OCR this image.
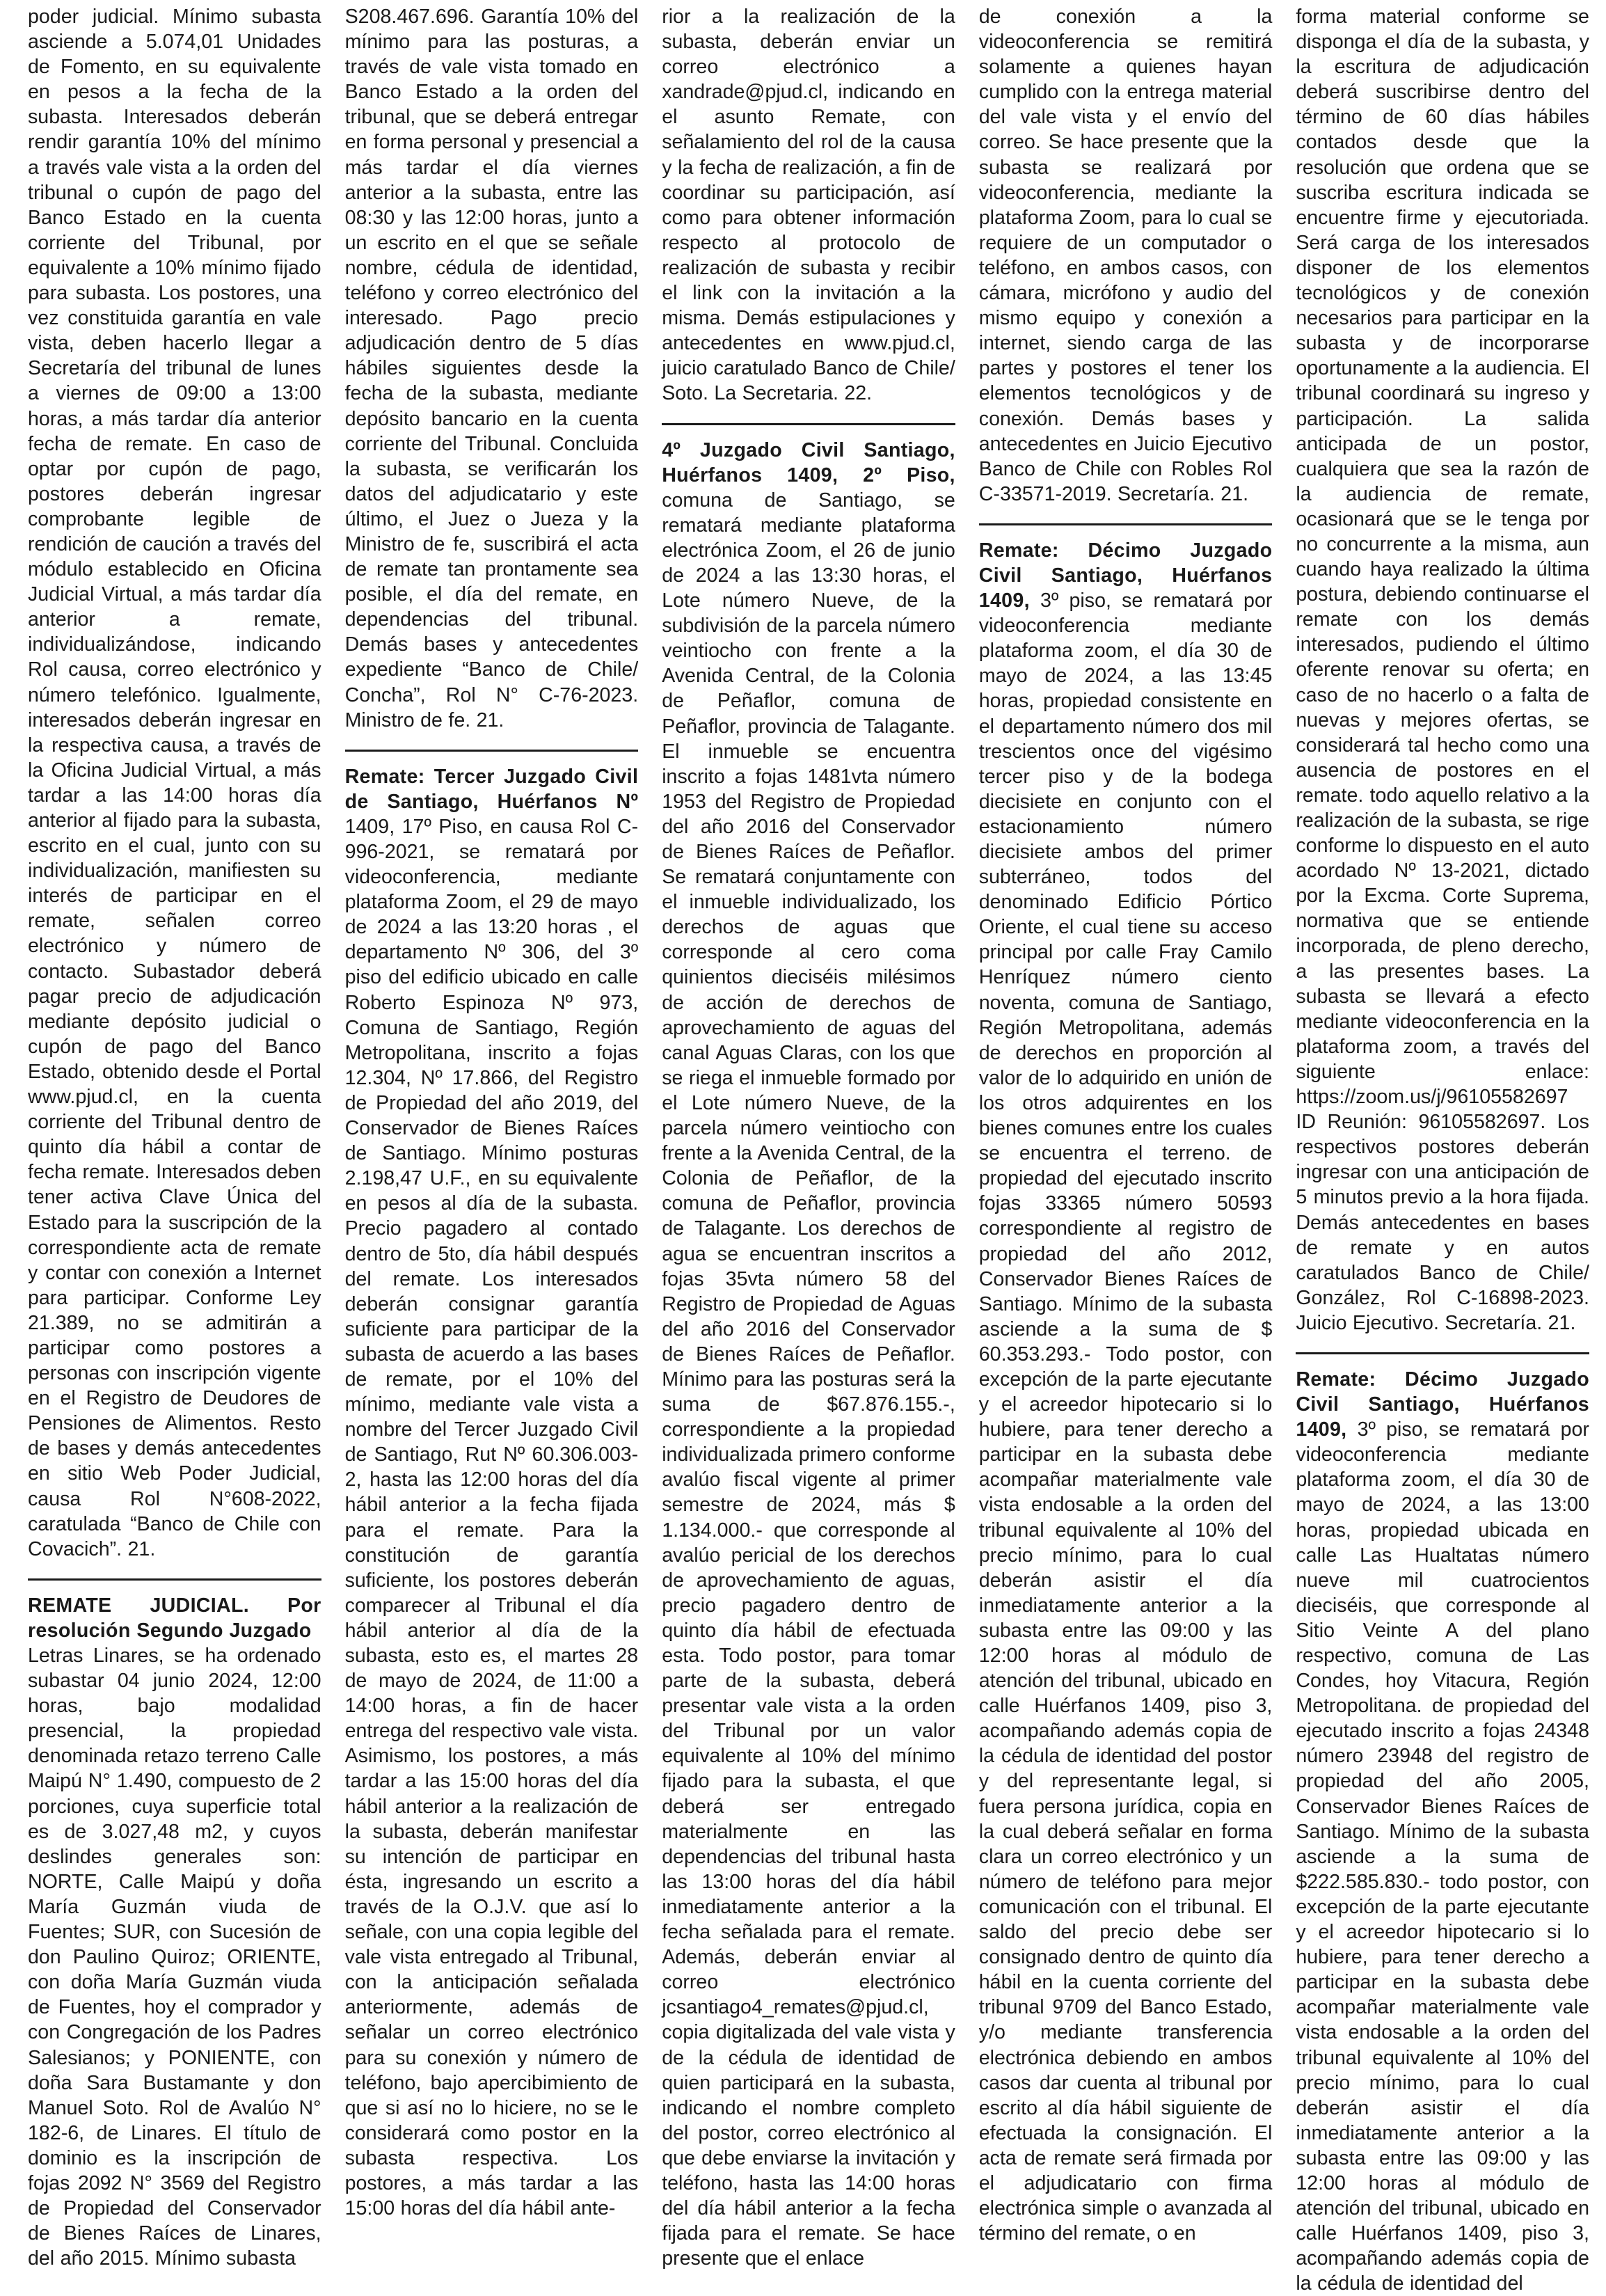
poder judicial. Mínimo subasta asciende a 5.074,01 Unidades de Fomento, en su equivalente en pesos a la fecha de la subasta. Interesados deberán rendir garantía 10% del mínimo a través vale vista a la orden del tribunal o cupón de pago del Banco Estado en la cuenta corriente del Tribunal, por equivalente a 10% mínimo fijado para subasta. Los postores, una vez constituida garantía en vale vista, deben hacerlo llegar a Secretaría del tribunal de lunes a viernes de 09:00 a 13:00 horas, a más tardar día anterior fecha de remate. En caso de optar por cupón de pago, postores deberán ingresar comprobante legible de rendición de caución a través del módulo establecido en Oficina Judicial Virtual, a más tardar día anterior a remate, individualizándose, indicando Rol causa, correo electrónico y número telefónico. Igualmente, interesados deberán ingresar en la respectiva causa, a través de la Oficina Judicial Virtual, a más tardar a las 14:00 horas día anterior al fijado para la subasta, escrito en el cual, junto con su individualización, manifiesten su interés de participar en el remate, señalen correo electrónico y número de contacto. Subastador deberá pagar precio de adjudicación mediante depósito judicial o cupón de pago del Banco Estado, obtenido desde el Portal www.pjud.cl, en la cuenta corriente del Tribunal dentro de quinto día hábil a contar de fecha remate. Interesados deben tener activa Clave Única del Estado para la suscripción de la correspondiente acta de remate y contar con conexión a Internet para participar. Conforme Ley 21.389, no se admitirán a participar como postores a personas con inscripción vigente en el Registro de Deudores de Pensiones de Alimentos. Resto de bases y demás antecedentes en sitio Web Poder Judicial, causa Rol N°608-2022, caratulada “Banco de Chile con Covacich”. 21.

REMATE JUDICIAL. Por resolución Segundo Juzgado
Letras Linares, se ha ordenado subastar 04 junio 2024, 12:00 horas, bajo modalidad presencial, la propiedad denominada retazo terreno Calle Maipú N° 1.490, compuesto de 2 porciones, cuya superficie total es de 3.027,48 m2, y cuyos deslindes generales son: NORTE, Calle Maipú y doña María Guzmán viuda de Fuentes; SUR, con Sucesión de don Paulino Quiroz; ORIENTE, con doña María Guzmán viuda de Fuentes, hoy el comprador y con Congregación de los Padres Salesianos; y PONIENTE, con doña Sara Bustamante y don Manuel Soto. Rol de Avalúo N° 182-6, de Linares. El título de dominio es la inscripción de fojas 2092 N° 3569 del Registro de Propiedad del Conservador de Bienes Raíces de Linares, del año 2015. Mínimo subasta

S208.467.696. Garantía 10% del mínimo para las posturas, a través de vale vista tomado en Banco Estado a la orden del tribunal, que se deberá entregar en forma personal y presencial a más tardar el día viernes anterior a la subasta, entre las 08:30 y las 12:00 horas, junto a un escrito en el que se señale nombre, cédula de identidad, teléfono y correo electrónico del interesado. Pago precio adjudicación dentro de 5 días hábiles siguientes desde la fecha de la subasta, mediante depósito bancario en la cuenta corriente del Tribunal. Concluida la subasta, se verificarán los datos del adjudicatario y este último, el Juez o Jueza y la Ministro de fe, suscribirá el acta de remate tan prontamente sea posible, el día del remate, en dependencias del tribunal. Demás bases y antecedentes expediente “Banco de Chile/ Concha”, Rol N° C-76-2023. Ministro de fe. 21.

Remate: Tercer Juzgado Civil de Santiago, Huérfanos Nº 1409, 17º Piso, en causa Rol C-996-2021, se rematará por videoconferencia, mediante plataforma Zoom, el 29 de mayo de 2024 a las 13:20 horas , el departamento Nº 306, del 3º piso del edificio ubicado en calle Roberto Espinoza Nº 973, Comuna de Santiago, Región Metropolitana, inscrito a fojas 12.304, Nº 17.866, del Registro de Propiedad del año 2019, del Conservador de Bienes Raíces de Santiago. Mínimo posturas 2.198,47 U.F., en su equivalente en pesos al día de la subasta. Precio pagadero al contado dentro de 5to, día hábil después del remate. Los interesados deberán consignar garantía suficiente para participar de la subasta de acuerdo a las bases de remate, por el 10% del mínimo, mediante vale vista a nombre del Tercer Juzgado Civil de Santiago, Rut Nº 60.306.003-2, hasta las 12:00 horas del día hábil anterior a la fecha fijada para el remate. Para la constitución de garantía suficiente, los postores deberán comparecer al Tribunal el día hábil anterior al día de la subasta, esto es, el martes 28 de mayo de 2024, de 11:00 a 14:00 horas, a fin de hacer entrega del respectivo vale vista. Asimismo, los postores, a más tardar a las 15:00 horas del día hábil anterior a la realización de la subasta, deberán manifestar su intención de participar en ésta, ingresando un escrito a través de la O.J.V. que así lo señale, con una copia legible del vale vista entregado al Tribunal, con la anticipación señalada anteriormente, además de señalar un correo electrónico para su conexión y número de teléfono, bajo apercibimiento de que si así no lo hiciere, no se le considerará como postor en la subasta respectiva. Los postores, a más tardar a las 15:00 horas del día hábil ante-

rior a la realización de la subasta, deberán enviar un correo electrónico a xandrade@pjud.cl, indicando en el asunto Remate, con señalamiento del rol de la causa y la fecha de realización, a fin de coordinar su participación, así como para obtener información respecto al protocolo de realización de subasta y recibir el link con la invitación a la misma. Demás estipulaciones y antecedentes en www.pjud.cl, juicio caratulado Banco de Chile/ Soto. La Secretaria. 22.

4º Juzgado Civil Santiago, Huérfanos 1409, 2º Piso, comuna de Santiago, se rematará mediante plataforma electrónica Zoom, el 26 de junio de 2024 a las 13:30 horas, el Lote número Nueve, de la subdivisión de la parcela número veintiocho con frente a la Avenida Central, de la Colonia de Peñaflor, comuna de Peñaflor, provincia de Talagante. El inmueble se encuentra inscrito a fojas 1481vta número 1953 del Registro de Propiedad del año 2016 del Conservador de Bienes Raíces de Peñaflor. Se rematará conjuntamente con el inmueble individualizado, los derechos de aguas que corresponde al cero coma quinientos dieciséis milésimos de acción de derechos de aprovechamiento de aguas del canal Aguas Claras, con los que se riega el inmueble formado por el Lote número Nueve, de la parcela número veintiocho con frente a la Avenida Central, de la Colonia de Peñaflor, de la comuna de Peñaflor, provincia de Talagante. Los derechos de agua se encuentran inscritos a fojas 35vta número 58 del Registro de Propiedad de Aguas del año 2016 del Conservador de Bienes Raíces de Peñaflor. Mínimo para las posturas será la suma de $67.876.155.-, correspondiente a la propiedad individualizada primero conforme avalúo fiscal vigente al primer semestre de 2024, más $ 1.134.000.- que corresponde al avalúo pericial de los derechos de aprovechamiento de aguas, precio pagadero dentro de quinto día hábil de efectuada esta. Todo postor, para tomar parte de la subasta, deberá presentar vale vista a la orden del Tribunal por un valor equivalente al 10% del mínimo fijado para la subasta, el que deberá ser entregado materialmente en las dependencias del tribunal hasta las 13:00 horas del día hábil inmediatamente anterior a la fecha señalada para el remate. Además, deberán enviar al correo electrónico jcsantiago4_remates@pjud.cl, copia digitalizada del vale vista y de la cédula de identidad de quien participará en la subasta, indicando el nombre completo del postor, correo electrónico al que debe enviarse la invitación y teléfono, hasta las 14:00 horas del día hábil anterior a la fecha fijada para el remate. Se hace presente que el enlace

de conexión a la videoconferencia se remitirá solamente a quienes hayan cumplido con la entrega material del vale vista y el envío del correo. Se hace presente que la subasta se realizará por videoconferencia, mediante la plataforma Zoom, para lo cual se requiere de un computador o teléfono, en ambos casos, con cámara, micrófono y audio del mismo equipo y conexión a internet, siendo carga de las partes y postores el tener los elementos tecnológicos y de conexión. Demás bases y antecedentes en Juicio Ejecutivo Banco de Chile con Robles Rol C-33571-2019. Secretaría. 21.

Remate: Décimo Juzgado Civil Santiago, Huérfanos 1409, 3º piso, se rematará por videoconferencia mediante plataforma zoom, el día 30 de mayo de 2024, a las 13:45 horas, propiedad consistente en el departamento número dos mil trescientos once del vigésimo tercer piso y de la bodega diecisiete en conjunto con el estacionamiento número diecisiete ambos del primer subterráneo, todos del denominado Edificio Pórtico Oriente, el cual tiene su acceso principal por calle Fray Camilo Henríquez número ciento noventa, comuna de Santiago, Región Metropolitana, además de derechos en proporción al valor de lo adquirido en unión de los otros adquirentes en los bienes comunes entre los cuales se encuentra el terreno. de propiedad del ejecutado inscrito fojas 33365 número 50593 correspondiente al registro de propiedad del año 2012, Conservador Bienes Raíces de Santiago. Mínimo de la subasta asciende a la suma de $ 60.353.293.- Todo postor, con excepción de la parte ejecutante y el acreedor hipotecario si lo hubiere, para tener derecho a participar en la subasta debe acompañar materialmente vale vista endosable a la orden del tribunal equivalente al 10% del precio mínimo, para lo cual deberán asistir el día inmediatamente anterior a la subasta entre las 09:00 y las 12:00 horas al módulo de atención del tribunal, ubicado en calle Huérfanos 1409, piso 3, acompañando además copia de la cédula de identidad del postor y del representante legal, si fuera persona jurídica, copia en la cual deberá señalar en forma clara un correo electrónico y un número de teléfono para mejor comunicación con el tribunal. El saldo del precio debe ser consignado dentro de quinto día hábil en la cuenta corriente del tribunal 9709 del Banco Estado, y/o mediante transferencia electrónica debiendo en ambos casos dar cuenta al tribunal por escrito al día hábil siguiente de efectuada la consignación. El acta de remate será firmada por el adjudicatario con firma electrónica simple o avanzada al término del remate, o en

forma material conforme se disponga el día de la subasta, y la escritura de adjudicación deberá suscribirse dentro del término de 60 días hábiles contados desde que la resolución que ordena que se suscriba escritura indicada se encuentre firme y ejecutoriada. Será carga de los interesados disponer de los elementos tecnológicos y de conexión necesarios para participar en la subasta y de incorporarse oportunamente a la audiencia. El tribunal coordinará su ingreso y participación. La salida anticipada de un postor, cualquiera que sea la razón de la audiencia de remate, ocasionará que se le tenga por no concurrente a la misma, aun cuando haya realizado la última postura, debiendo continuarse el remate con los demás interesados, pudiendo el último oferente renovar su oferta; en caso de no hacerlo o a falta de nuevas y mejores ofertas, se considerará tal hecho como una ausencia de postores en el remate. todo aquello relativo a la realización de la subasta, se rige conforme lo dispuesto en el auto acordado Nº 13-2021, dictado por la Excma. Corte Suprema, normativa que se entiende incorporada, de pleno derecho, a las presentes bases. La subasta se llevará a efecto mediante videoconferencia en la plataforma zoom, a través del siguiente enlace: https://zoom.us/j/96105582697 ID Reunión: 96105582697. Los respectivos postores deberán ingresar con una anticipación de 5 minutos previo a la hora fijada. Demás antecedentes en bases de remate y en autos caratulados Banco de Chile/ González, Rol C-16898-2023. Juicio Ejecutivo. Secretaría. 21.

Remate: Décimo Juzgado Civil Santiago, Huérfanos 1409, 3º piso, se rematará por videoconferencia mediante plataforma zoom, el día 30 de mayo de 2024, a las 13:00 horas, propiedad ubicada en calle Las Hualtatas número nueve mil cuatrocientos dieciséis, que corresponde al Sitio Veinte A del plano respectivo, comuna de Las Condes, hoy Vitacura, Región Metropolitana. de propiedad del ejecutado inscrito a fojas 24348 número 23948 del registro de propiedad del año 2005, Conservador Bienes Raíces de Santiago. Mínimo de la subasta asciende a la suma de $222.585.830.- todo postor, con excepción de la parte ejecutante y el acreedor hipotecario si lo hubiere, para tener derecho a participar en la subasta debe acompañar materialmente vale vista endosable a la orden del tribunal equivalente al 10% del precio mínimo, para lo cual deberán asistir el día inmediatamente anterior a la subasta entre las 09:00 y las 12:00 horas al módulo de atención del tribunal, ubicado en calle Huérfanos 1409, piso 3, acompañando además copia de la cédula de identidad del
